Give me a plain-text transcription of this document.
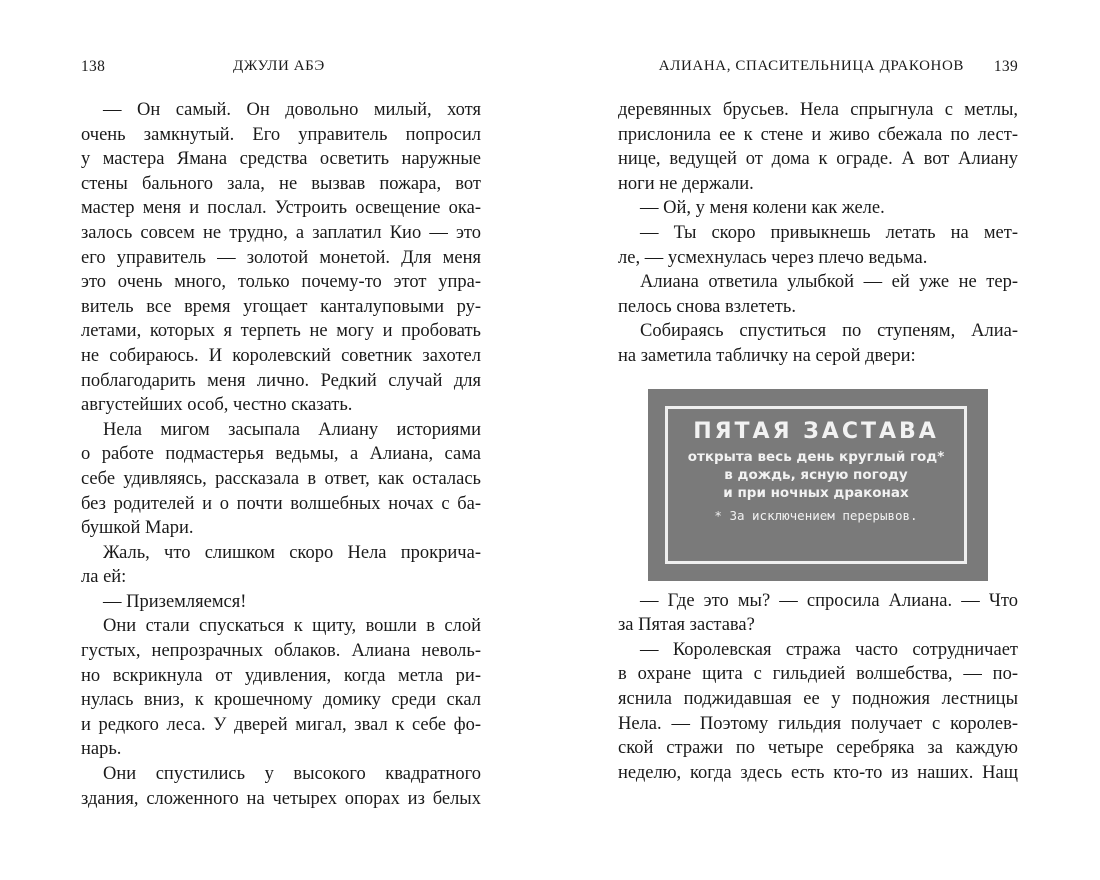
138	ДЖУЛИ АБЭ
— Он самый. Он довольно милый, хотя
очень замкнутый. Его управитель попросил
у мастера Ямана средства осветить наружные
стены бального зала, не вызвав пожара, вот
мастер меня и послал. Устроить освещение ока-
залось совсем не трудно, а заплатил Кио — это
его управитель — золотой монетой. Для меня
это очень много, только почему-то этот упра-
витель все время угощает канталуповыми ру-
летами, которых я терпеть не могу и пробовать
не собираюсь. И королевский советник захотел
поблагодарить меня лично. Редкий случай для
августейших особ, честно сказать.
Нела мигом засыпала Алиану историями
о работе подмастерья ведьмы, а Алиана, сама
себе удивляясь, рассказала в ответ, как осталась
без родителей и о почти волшебных ночах с ба-
бушкой Мари.
Жаль, что слишком скоро Нела прокрича-
ла ей:
— Приземляемся!
Они стали спускаться к щиту, вошли в слой
густых, непрозрачных облаков. Алиана неволь-
но вскрикнула от удивления, когда метла ри-
нулась вниз, к крошечному домику среди скал
и редкого леса. У дверей мигал, звал к себе фо-
нарь.
Они спустились у высокого квадратного
здания, сложенного на четырех опорах из белых
АЛИАНА, СПАСИТЕЛЬНИЦА ДРАКОНОВ 139
деревянных брусьев. Нела спрыгнула с метлы,
прислонила ее к стене и живо сбежала по лест-
нице, ведущей от дома к ограде. А вот Алиану
ноги не держали.
— Ой, у меня колени как желе.
— Ты скоро привыкнешь летать на мет-
ле, — усмехнулась через плечо ведьма.
Алиана ответила улыбкой — ей уже не тер-
пелось снова взлететь.
Собираясь спуститься по ступеням, Алиа-
на заметила табличку на серой двери:
ПЯТАЯ ЗАСТАВА
открыта весь день круглый год*
в дождь, ясную погоду
и при ночных драконах
* За исключением перерывов.
— Где это мы? — спросила Алиана. — Что
за Пятая застава?
— Королевская стража часто сотрудничает
в охране щита с гильдией волшебства, — по-
яснила поджидавшая ее у подножия лестницы
Нела. — Поэтому гильдия получает с королев-
ской стражи по четыре серебряка за каждую
неделю, когда здесь есть кто-то из наших. Нащ
